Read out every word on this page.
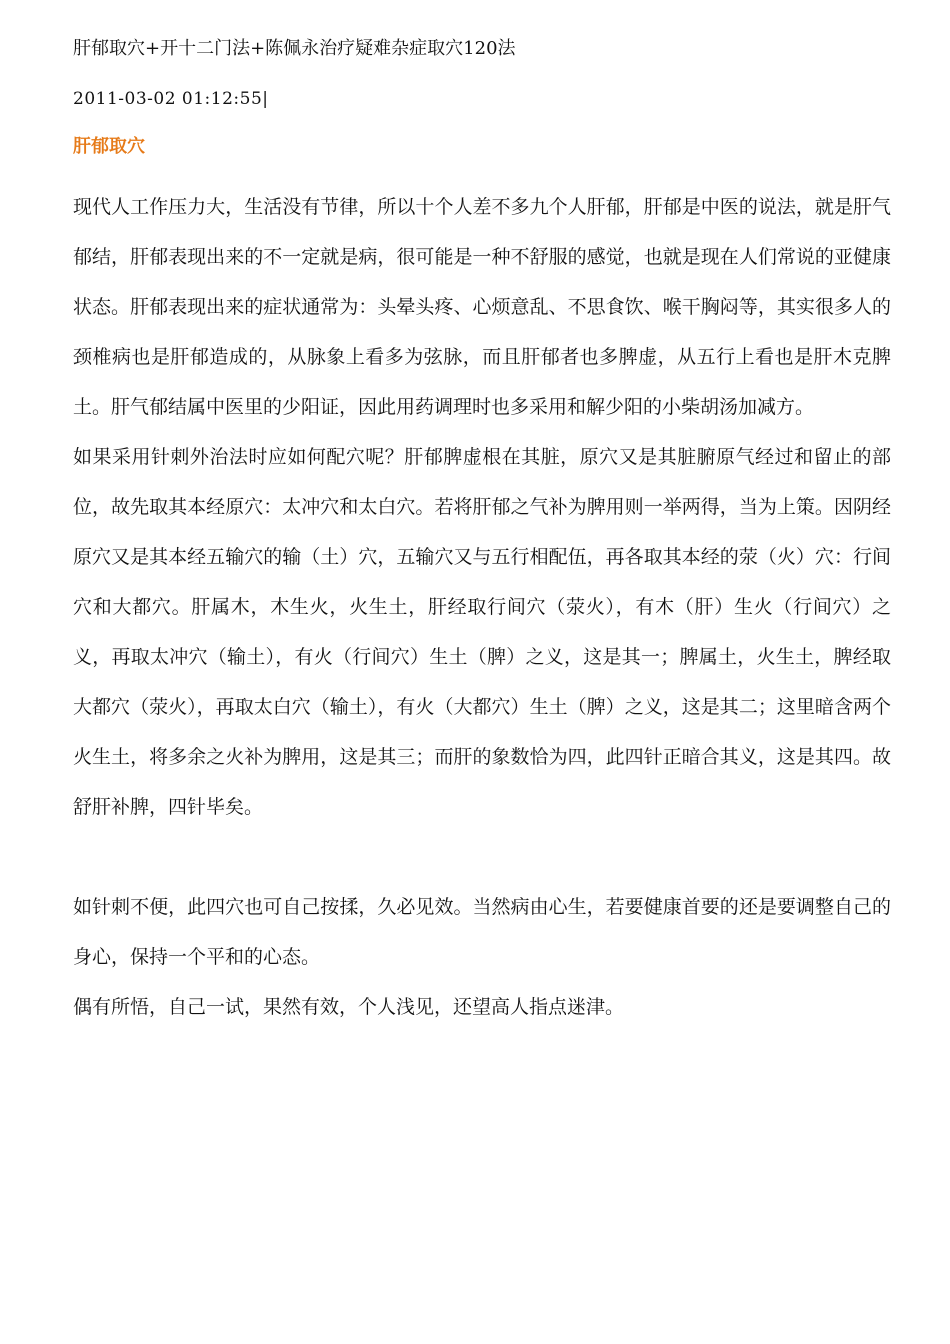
肝郁取穴+开十二门法+陈佩永治疗疑难杂症取穴120法
2011-03-02 01:12:55|
肝郁取穴

现代人工作压力大，生活没有节律，所以十个人差不多九个人肝郁，肝郁是中医的说法，就是肝气郁结，肝郁表现出来的不一定就是病，很可能是一种不舒服的感觉，也就是现在人们常说的亚健康状态。肝郁表现出来的症状通常为：头晕头疼、心烦意乱、不思食饮、喉干胸闷等，其实很多人的颈椎病也是肝郁造成的，从脉象上看多为弦脉，而且肝郁者也多脾虚，从五行上看也是肝木克脾土。肝气郁结属中医里的少阳证，因此用药调理时也多采用和解少阳的小柴胡汤加减方。

如果采用针刺外治法时应如何配穴呢？肝郁脾虚根在其脏，原穴又是其脏腑原气经过和留止的部位，故先取其本经原穴：太冲穴和太白穴。若将肝郁之气补为脾用则一举两得，当为上策。因阴经原穴又是其本经五输穴的输（土）穴，五输穴又与五行相配伍，再各取其本经的荥（火）穴：行间穴和大都穴。肝属木，木生火，火生土，肝经取行间穴（荥火），有木（肝）生火（行间穴）之义，再取太冲穴（输土），有火（行间穴）生土（脾）之义，这是其一；脾属土，火生土，脾经取大都穴（荥火），再取太白穴（输土），有火（大都穴）生土（脾）之义，这是其二；这里暗含两个火生土，将多余之火补为脾用，这是其三；而肝的象数恰为四，此四针正暗合其义，这是其四。故舒肝补脾，四针毕矣。

如针刺不便，此四穴也可自己按揉，久必见效。当然病由心生，若要健康首要的还是要调整自己的身心，保持一个平和的心态。

偶有所悟，自己一试，果然有效，个人浅见，还望高人指点迷津。
